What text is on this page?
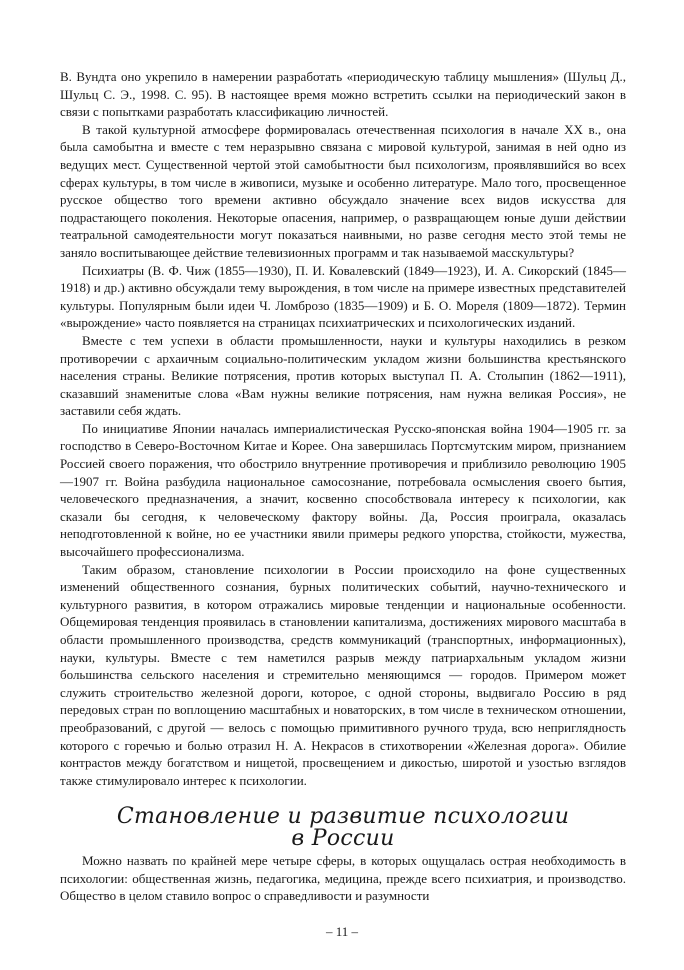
В. Вундта оно укрепило в намерении разработать «периодическую таблицу мышления» (Шульц Д., Шульц С. Э., 1998. С. 95). В настоящее время можно встретить ссылки на периодический закон в связи с попытками разработать классификацию личностей.

В такой культурной атмосфере формировалась отечественная психология в начале XX в., она была самобытна и вместе с тем неразрывно связана с мировой культурой, занимая в ней одно из ведущих мест. Существенной чертой этой самобытности был психологизм, проявлявшийся во всех сферах культуры, в том числе в живописи, музыке и особенно литературе. Мало того, просвещенное русское общество того времени активно обсуждало значение всех видов искусства для подрастающего поколения. Некоторые опасения, например, о развращающем юные души действии театральной самодеятельности могут показаться наивными, но разве сегодня место этой темы не заняло воспитывающее действие телевизионных программ и так называемой масскультуры?

Психиатры (В. Ф. Чиж (1855—1930), П. И. Ковалевский (1849—1923), И. А. Сикорский (1845—1918) и др.) активно обсуждали тему вырождения, в том числе на примере известных представителей культуры. Популярным были идеи Ч. Ломброзо (1835—1909) и Б. О. Мореля (1809—1872). Термин «вырождение» часто появляется на страницах психиатрических и психологических изданий.

Вместе с тем успехи в области промышленности, науки и культуры находились в резком противоречии с архаичным социально-политическим укладом жизни большинства крестьянского населения страны. Великие потрясения, против которых выступал П. А. Столыпин (1862—1911), сказавший знаменитые слова «Вам нужны великие потрясения, нам нужна великая Россия», не заставили себя ждать.

По инициативе Японии началась империалистическая Русско-японская война 1904—1905 гг. за господство в Северо-Восточном Китае и Корее. Она завершилась Портсмутским миром, признанием Россией своего поражения, что обострило внутренние противоречия и приблизило революцию 1905—1907 гг. Война разбудила национальное самосознание, потребовала осмысления своего бытия, человеческого предназначения, а значит, косвенно способствовала интересу к психологии, как сказали бы сегодня, к человеческому фактору войны. Да, Россия проиграла, оказалась неподготовленной к войне, но ее участники явили примеры редкого упорства, стойкости, мужества, высочайшего профессионализма.

Таким образом, становление психологии в России происходило на фоне существенных изменений общественного сознания, бурных политических событий, научно-технического и культурного развития, в котором отражались мировые тенденции и национальные особенности. Общемировая тенденция проявилась в становлении капитализма, достижениях мирового масштаба в области промышленного производства, средств коммуникаций (транспортных, информационных), науки, культуры. Вместе с тем наметился разрыв между патриархальным укладом жизни большинства сельского населения и стремительно меняющимся — городов. Примером может служить строительство железной дороги, которое, с одной стороны, выдвигало Россию в ряд передовых стран по воплощению масштабных и новаторских, в том числе в техническом отношении, преобразований, с другой — велось с помощью примитивного ручного труда, всю неприглядность которого с горечью и болью отразил Н. А. Некрасов в стихотворении «Железная дорога». Обилие контрастов между богатством и нищетой, просвещением и дикостью, широтой и узостью взглядов также стимулировало интерес к психологии.

Становление и развитие психологии
в России

Можно назвать по крайней мере четыре сферы, в которых ощущалась острая необходимость в психологии: общественная жизнь, педагогика, медицина, прежде всего психиатрия, и производство. Общество в целом ставило вопрос о справедливости и разумности

– 11 –
